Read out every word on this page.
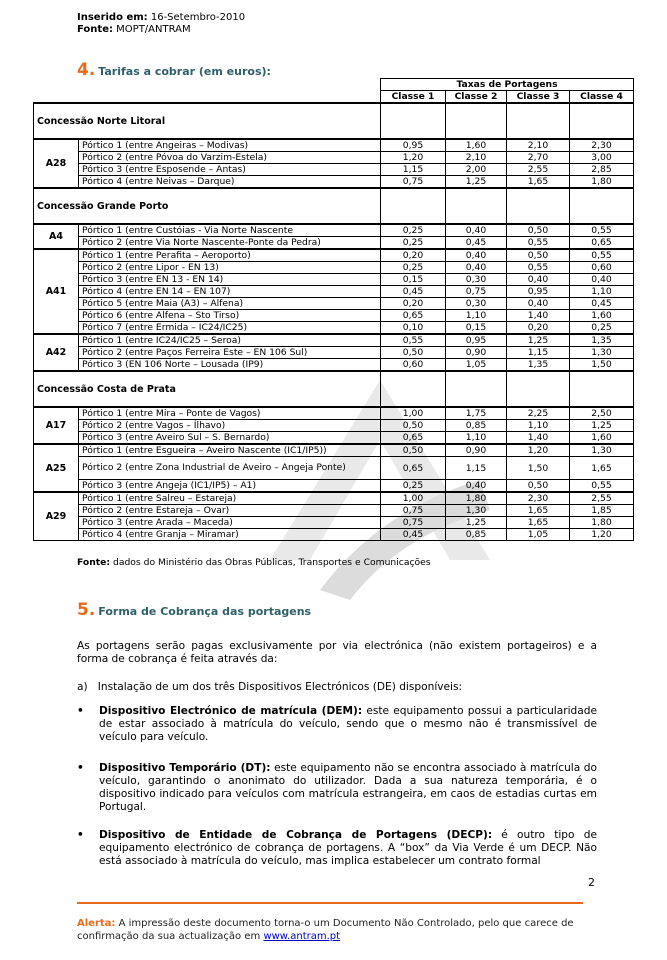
Inserido em: 16-Setembro-2010
Fonte: MOPT/ANTRAM
4. Tarifas a cobrar (em euros):
		Taxas de Portagens			
		Classe 1	Classe 2	Classe 3	Classe 4
Concessão Norte Litoral					
A28	Pórtico 1 (entre Angeiras – Modivas)	0,95	1,60	2,10	2,30
	Pórtico 2 (entre Póvoa do Varzim-Estela)	1,20	2,10	2,70	3,00
	Pórtico 3 (entre Esposende – Antas)	1,15	2,00	2,55	2,85
	Pórtico 4 (entre Neivas – Darque)	0,75	1,25	1,65	1,80
Concessão Grande Porto					
A4	Pórtico 1 (entre Custóias - Via Norte Nascente	0,25	0,40	0,50	0,55
	Pórtico 2 (entre Via Norte Nascente-Ponte da Pedra)	0,25	0,45	0,55	0,65
A41	Pórtico 1 (entre Perafita – Aeroporto)	0,20	0,40	0,50	0,55
	Pórtico 2 (entre Lipor - EN 13)	0,25	0,40	0,55	0,60
	Pórtico 3 (entre EN 13 - EN 14)	0,15	0,30	0,40	0,40
	Pórtico 4 (entre EN 14 – EN 107)	0,45	0,75	0,95	1,10
	Pórtico 5 (entre Maia (A3) – Alfena)	0,20	0,30	0,40	0,45
	Pórtico 6 (entre Alfena – Sto Tirso)	0,65	1,10	1,40	1,60
	Pórtico 7 (entre Ermida – IC24/IC25)	0,10	0,15	0,20	0,25
A42	Pórtico 1 (entre IC24/IC25 – Seroa)	0,55	0,95	1,25	1,35
	Pórtico 2 (entre Paços Ferreira Este – EN 106 Sul)	0,50	0,90	1,15	1,30
	Pórtico 3 (EN 106 Norte – Lousada (IP9)	0,60	1,05	1,35	1,50
Concessão Costa de Prata					
A17	Pórtico 1 (entre Mira – Ponte de Vagos)	1,00	1,75	2,25	2,50
	Pórtico 2 (entre Vagos – Ílhavo)	0,50	0,85	1,10	1,25
	Pórtico 3 (entre Aveiro Sul – S. Bernardo)	0,65	1,10	1,40	1,60
A25	Pórtico 1 (entre Esgueira – Aveiro Nascente (IC1/IP5))	0,50	0,90	1,20	1,30
	Pórtico 2 (entre Zona Industrial de Aveiro – Angeja Ponte)	0,65	1,15	1,50	1,65
	Pórtico 3 (entre Angeja (IC1/IP5) – A1)	0,25	0,40	0,50	0,55
A29	Pórtico 1 (entre Salreu – Estareja)	1,00	1,80	2,30	2,55
	Pórtico 2 (entre Estareja – Ovar)	0,75	1,30	1,65	1,85
	Pórtico 3 (entre Arada – Maceda)	0,75	1,25	1,65	1,80
	Pórtico 4 (entre Granja – Miramar)	0,45	0,85	1,05	1,20
Fonte: dados do Ministério das Obras Públicas, Transportes e Comunicações
5. Forma de Cobrança das portagens
As portagens serão pagas exclusivamente por via electrónica (não existem portageiros) e a forma de cobrança é feita através da:
a)   Instalação de um dos três Dispositivos Electrónicos (DE) disponíveis:
• Dispositivo Electrónico de matrícula (DEM): este equipamento possui a particularidade de estar associado à matrícula do veículo, sendo que o mesmo não é transmissível de veículo para veículo.
• Dispositivo Temporário (DT): este equipamento não se encontra associado à matrícula do veículo, garantindo o anonimato do utilizador. Dada a sua natureza temporária, é o dispositivo indicado para veículos com matrícula estrangeira, em caos de estadias curtas em Portugal.
• Dispositivo de Entidade de Cobrança de Portagens (DECP): é outro tipo de equipamento electrónico de cobrança de portagens. A “box” da Via Verde é um DECP. Não está associado à matrícula do veículo, mas implica estabelecer um contrato formal
2
Alerta: A impressão deste documento torna-o um Documento Não Controlado, pelo que carece de confirmação da sua actualização em www.antram.pt
